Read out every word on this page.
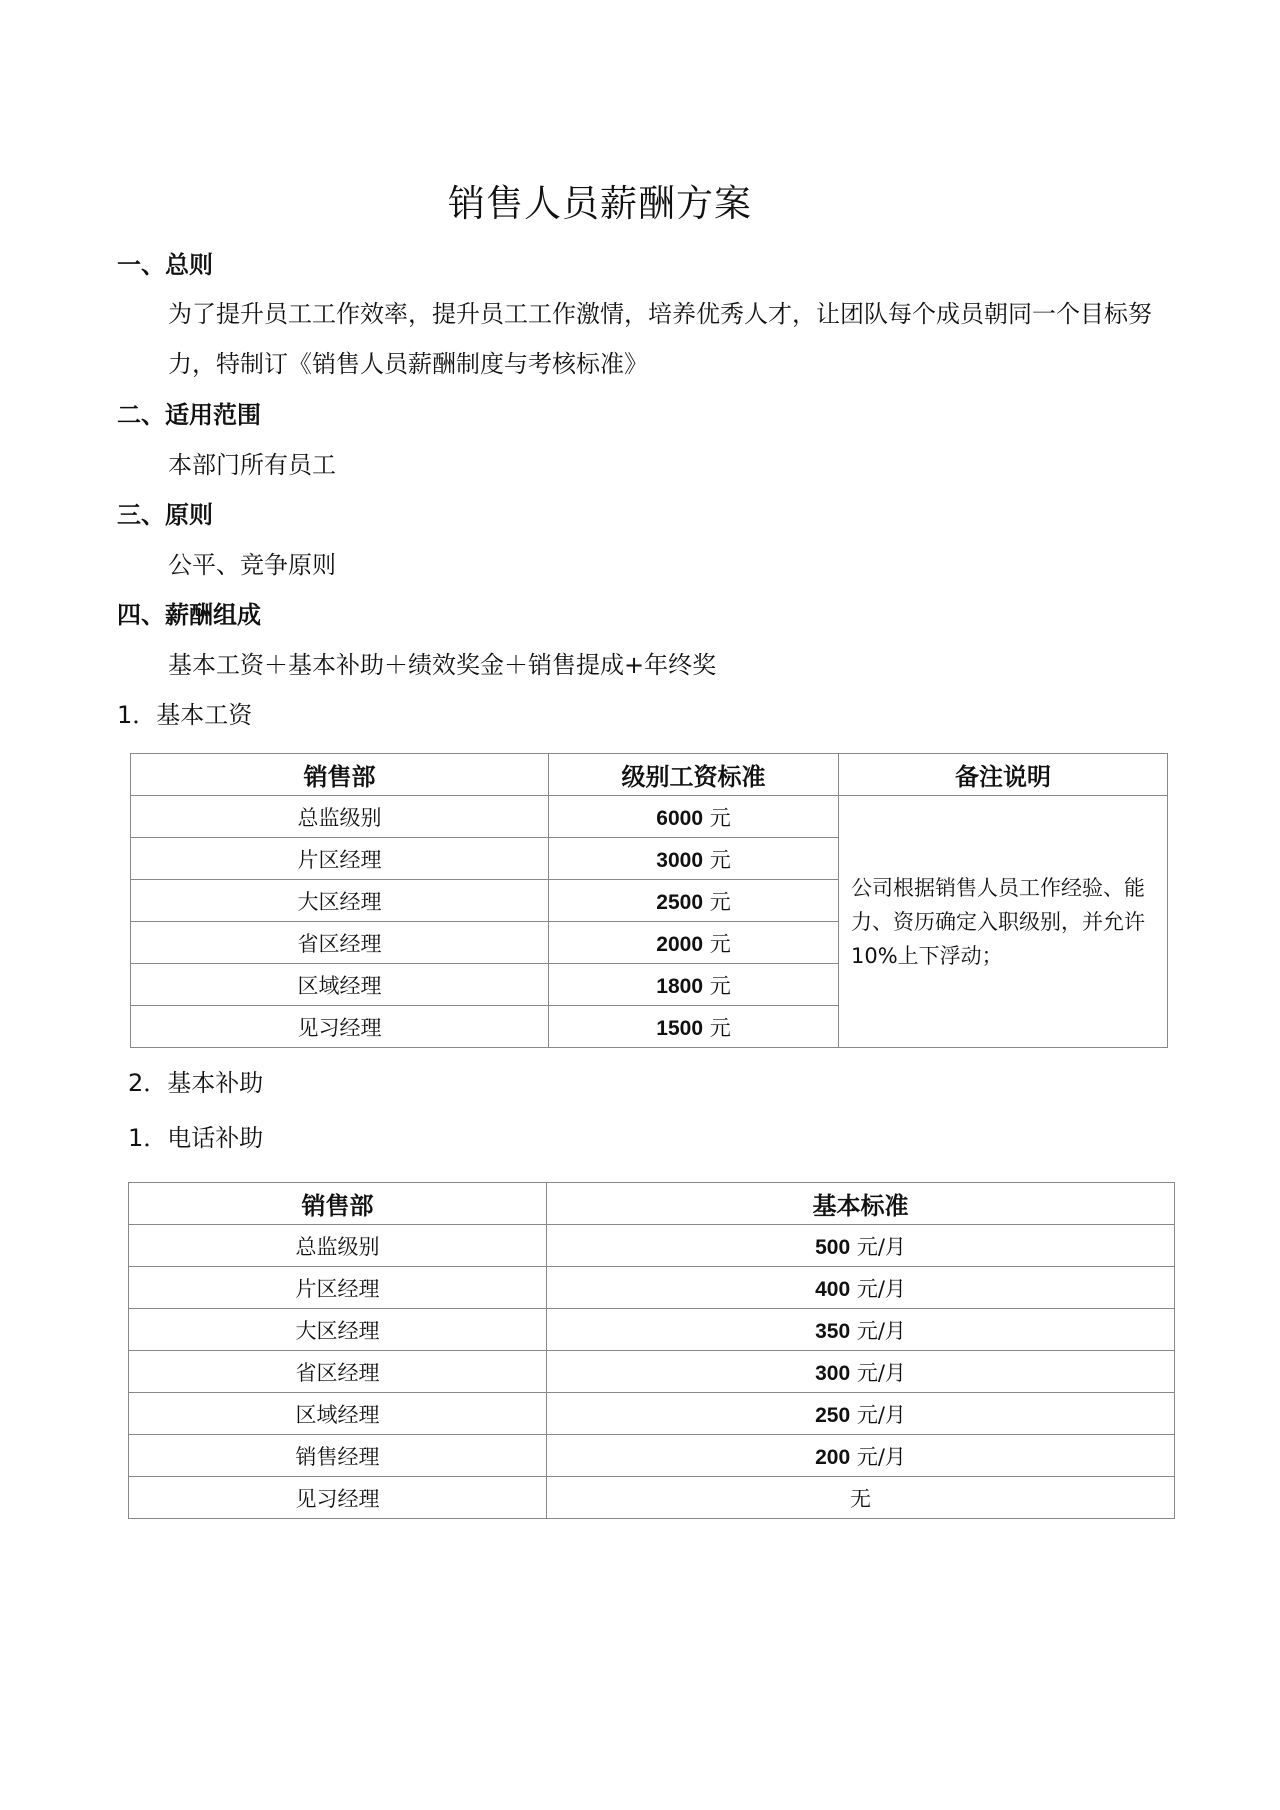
销售人员薪酬方案
一、总则
为了提升员工工作效率，提升员工工作激情，培养优秀人才，让团队每个成员朝同一个目标努力，特制订《销售人员薪酬制度与考核标准》
二、适用范围
本部门所有员工
三、原则
公平、竞争原则
四、薪酬组成
基本工资＋基本补助＋绩效奖金＋销售提成+年终奖
1．基本工资
销售部	级别工资标准	备注说明
总监级别	6000 元	公司根据销售人员工作经验、能力、资历确定入职级别，并允许10%上下浮动；
片区经理	3000 元	
大区经理	2500 元	
省区经理	2000 元	
区域经理	1800 元	
见习经理	1500 元	
2．基本补助
1．电话补助
销售部	基本标准
总监级别	500 元/月
片区经理	400 元/月
大区经理	350 元/月
省区经理	300 元/月
区域经理	250 元/月
销售经理	200 元/月
见习经理	无
